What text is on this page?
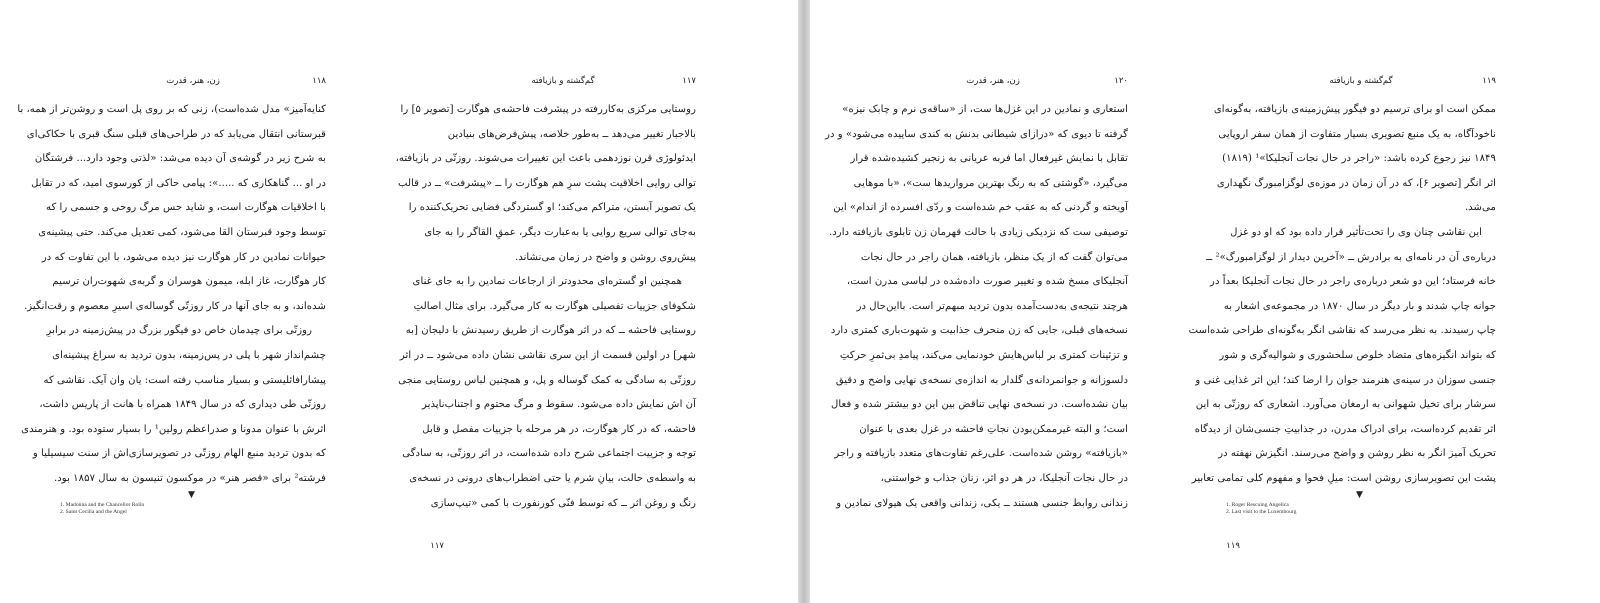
۱۱۸
زن، هنر، قدرت
کنایه‌آمیز» مدل شده‌است)، زنی که بر روی پل است و روشن‌تر از همه، با
قبرستانی انتقال می‌یابد که در طراحی‌های قبلی سنگ قبری با حکاکی‌ای
به شرح زیر در گوشه‌ی آن دیده می‌شد: «لذتی وجود دارد... فرشتگان
در او ... گناهکاری که .....»: پیامی حاکی از کورسوی امید، که در تقابل
با اخلاقیات هوگارت است، و شاید حس مرگ روحی و جسمی را که
توسط وجود قبرستان القا می‌شود، کمی تعدیل می‌کند. حتی پیشینه‌ی
حیوانات نمادین در کار هوگارت نیز دیده می‌شود، با این تفاوت که در
کار هوگارت، غاز ابله، میمون هوسران و گربه‌ی شهوت‌ران ترسیم
شده‌اند، و به جای آنها در کار روزتّی گوساله‌ی اسیرِ معصوم و رقت‌انگیز.
روزتّی برای چیدمان خاص دو فیگور بزرگ در پیش‌زمینه در برابرِ
چشم‌انداز شهر با پلی در پس‌زمینه، بدون تردید به سراغ پیشینه‌ای
پیشارافائلیستی و بسیار مناسب رفته است: یان وان آیک. نقاشی که
روزتّی طی دیداری که در سال ۱۸۴۹ همراه با هانت از پاریس داشت،
اثرش با عنوان مدونا و صدراعظم رولین¹ را بسیار ستوده بود. و هنرمندی
که بدون تردید منبع الهام روزتّی در تصویرسازی‌اش از سنت سیسیلیا و
فرشته² برای «قصر هنر» در موکسون تنیسون به سال ۱۸۵۷ بود.
▼
1. Madonna and the Chancellor Rolin
2. Saint Cecilia and the Angel
۱۱۷
گم‌گشته و بازیافته
روستایی مرکزی به‌کاررفته در پیشرفت فاحشه‌ی هوگارت [تصویر ۵] را
بالاجبار تغییر می‌دهد ــ به‌طور خلاصه، پیش‌فرض‌های بنیادین
ایدئولوژی قرن نوزدهمی باعث این تغییرات می‌شوند. روزتّی در بازیافته،
توالی روایی اخلاقیت پشت سرِ هم هوگارت را ــ «پیشرفت» ــ در قالب
یک تصویر آبستن، متراکم می‌کند؛ او گستردگی فضایی تحریک‌کننده را
به‌جای توالی سریع روایی یا به‌عبارت دیگر، عمقِ القاگر را به جای
پیش‌روی روشن و واضح در زمان می‌نشاند.
همچنین او گستره‌ای محدودتر از ارجاعات نمادین را به جای غنای
شکوفای جزییات تفصیلی هوگارت به کار می‌گیرد. برای مثال اصالتِ
روستایی فاحشه ــ که در اثر هوگارت از طریق رسیدنش با دلیجان [به
شهر] در اولین قسمت از این سری نقاشی نشان داده می‌شود ــ در اثر
روزتّی به سادگی به کمک گوساله و پل، و همچنین لباس روستایی منجی
آن‌ اش نمایش داده می‌شود. سقوط و مرگ محتوم و اجتناب‌ناپذیر
فاحشه، که در کار هوگارت، در هر مرحله با جزییات مفصل و قابل
توجه و جزییت اجتماعی شرح داده شده‌است، در اثر روزتّی، به سادگی
به واسطه‌ی حالت، بیانِ شرم یا حتی اضطراب‌های درونی در نسخه‌ی
رنگ و روغن اثر ــ که توسط فنّی کورنفورت با کمی «تیپ‌سازی
۱۱۷
۱۲۰
زن، هنر، قدرت
استعاری و نمادین در این غزل‌ها ست، از «ساقه‌ی نرم و چابک نیزه»
گرفته تا دیوی که «درازای شیطانی بدنش به کندی ساییده می‌شود» و در
تقابل با نمایش غیرفعال اما فربه عریانی به زنجیر کشیده‌شده قرار
می‌گیرد، «گوشتی که به رنگ بهترین مرواریدها ست»، «با موهایی
آویخته و گردنی که به عقب خم شده‌است و ردّی افسرده از اندام» این
توصیفی ست که نزدیکی زیادی با حالت قهرمان زن تابلوی بازیافته دارد.
می‌توان گفت که از یک منظر، بازیافته، همان راجر در حال نجات
آنجلیکای مسخ شده و تغییر صورت داده‌شده در لباسی مدرن است،
هرچند نتیجه‌ی به‌دست‌آمده بدون تردید مبهم‌تر است. بااین‌حال در
نسخه‌های قبلی، جایی که زن منحرف جذابیت و شهوت‌باری کمتری دارد
و تزئینات کمتری بر لباس‌هایش خودنمایی می‌کند، پیامدِ بی‌ثمرِ حرکتِ
دلسوزانه و جوانمردانه‌ی گلدار به اندازه‌ی نسخه‌ی نهایی واضح و دقیق
بیان نشده‌است. در نسخه‌ی نهایی تناقض بین این دو بیشتر شده و فعال
است؛ و البته غیرممکن‌بودن نجاتِ فاحشه در غزل بعدی با عنوان
«بازیافته» روشن شده‌است. علی‌رغم تفاوت‌های متعدد بازیافته و راجر
در حال نجات آنجلیکا، در هر دو اثر، زنان جذاب و خواستنی،
زندانی روابط جنسی هستند ــ یکی، زندانی واقعی یک هیولای نمادین و
۱۱۹
گم‌گشته و بازیافته
ممکن است او برای ترسیم دو فیگور پیش‌زمینه‌ی بازیافته، به‌گونه‌ای
ناخودآگاه، به یک منبع تصویری بسیار متفاوت از همان سفر اروپایی
۱۸۴۹ نیز رجوع کرده باشد: «راجر در حال نجات آنجلیکا»¹ (۱۸۱۹)
اثر انگر [تصویر ۶]، که در آن زمان در موزه‌ی لوگزامبورگ نگهداری
می‌شد.
این نقاشی چنان وی را تحت‌تأثیر قرار داده بود که او دو غزل
درباره‌ی آن در نامه‌ای به برادرش ــ «آخرین دیدار از لوگزامبورگ»² ــ
خانه فرستاد؛ این دو شعر درباره‌ی راجر در حال نجات آنجلیکا بعداً در
جوانه چاپ شدند و بار دیگر در سال ۱۸۷۰ در مجموعه‌ی اشعار به
چاپ رسیدند. به نظر می‌رسد که نقاشی انگر به‌گونه‌ای طراحی شده‌است
که بتواند انگیزه‌های متضاد خلوص سلحشوری و شوالیه‌گری و شور
جنسی سوزان در سینه‌ی هنرمند جوان را ارضا کند؛ این اثر غذایی غنی و
سرشار برای تخیل شهوانی به ارمغان می‌آورد. اشعاری که روزتّی به این
اثر تقدیم کرده‌است، برای ادراک مدرن، در جذابیتِ جنسی‌شان از دیدگاه
تحریک آمیز انگر به نظر روشن و واضح می‌رسند. انگیزش نهفته در
پشت این تصویرسازی روشن است: میلِ فحوا و مفهوم کلی تمامی تعابیر
▼
1. Roger Rescuing Angelica
2. Last visit to the Luxembourg
۱۱۹
